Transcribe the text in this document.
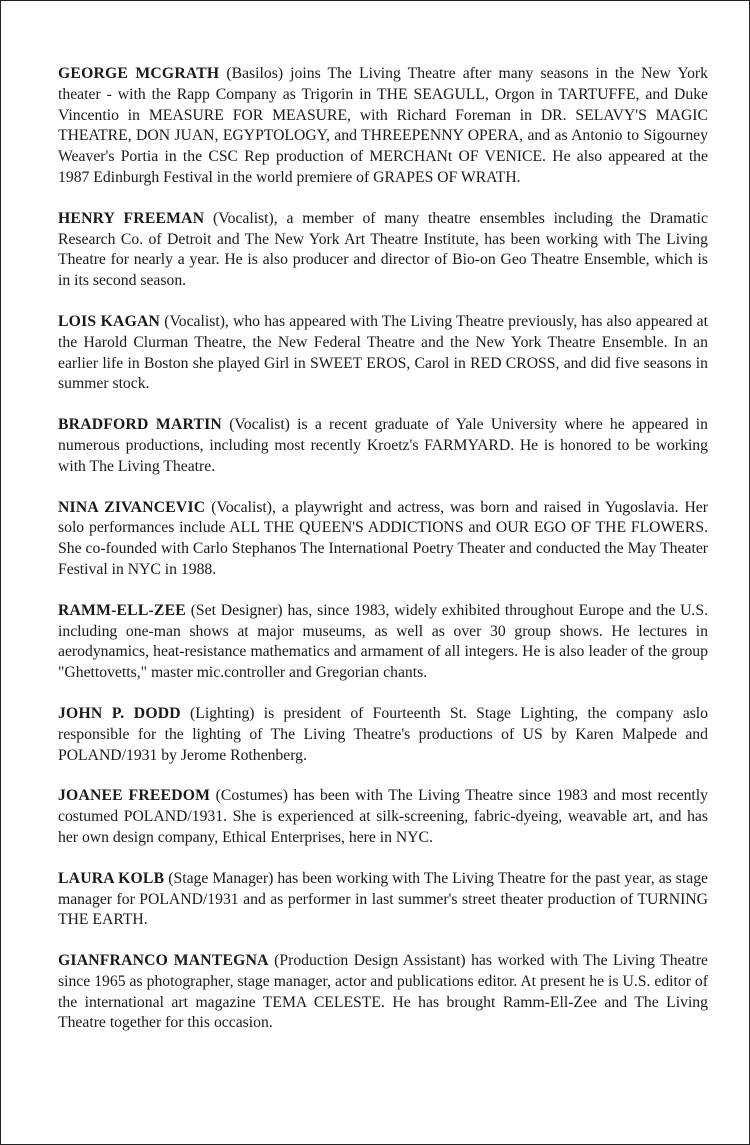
GEORGE MCGRATH (Basilos) joins The Living Theatre after many seasons in the New York theater - with the Rapp Company as Trigorin in THE SEAGULL, Orgon in TARTUFFE, and Duke Vincentio in MEASURE FOR MEASURE, with Richard Foreman in DR. SELAVY'S MAGIC THEATRE, DON JUAN, EGYPTOLOGY, and THREEPENNY OPERA, and as Antonio to Sigourney Weaver's Portia in the CSC Rep production of MERCHANt OF VENICE. He also appeared at the 1987 Edinburgh Festival in the world premiere of GRAPES OF WRATH.

HENRY FREEMAN (Vocalist), a member of many theatre ensembles including the Dramatic Research Co. of Detroit and The New York Art Theatre Institute, has been working with The Living Theatre for nearly a year. He is also producer and director of Bio-on Geo Theatre Ensemble, which is in its second season.

LOIS KAGAN (Vocalist), who has appeared with The Living Theatre previously, has also appeared at the Harold Clurman Theatre, the New Federal Theatre and the New York Theatre Ensemble. In an earlier life in Boston she played Girl in SWEET EROS, Carol in RED CROSS, and did five seasons in summer stock.

BRADFORD MARTIN (Vocalist) is a recent graduate of Yale University where he appeared in numerous productions, including most recently Kroetz's FARMYARD. He is honored to be working with The Living Theatre.

NINA ZIVANCEVIC (Vocalist), a playwright and actress, was born and raised in Yugoslavia. Her solo performances include ALL THE QUEEN'S ADDICTIONS and OUR EGO OF THE FLOWERS. She co-founded with Carlo Stephanos The International Poetry Theater and conducted the May Theater Festival in NYC in 1988.

RAMM-ELL-ZEE (Set Designer) has, since 1983, widely exhibited throughout Europe and the U.S. including one-man shows at major museums, as well as over 30 group shows. He lectures in aerodynamics, heat-resistance mathematics and armament of all integers. He is also leader of the group "Ghettovetts," master mic.controller and Gregorian chants.

JOHN P. DODD (Lighting) is president of Fourteenth St. Stage Lighting, the company aslo responsible for the lighting of The Living Theatre's productions of US by Karen Malpede and POLAND/1931 by Jerome Rothenberg.

JOANEE FREEDOM (Costumes) has been with The Living Theatre since 1983 and most recently costumed POLAND/1931. She is experienced at silk-screening, fabric-dyeing, weavable art, and has her own design company, Ethical Enterprises, here in NYC.

LAURA KOLB (Stage Manager) has been working with The Living Theatre for the past year, as stage manager for POLAND/1931 and as performer in last summer's street theater production of TURNING THE EARTH.

GIANFRANCO MANTEGNA (Production Design Assistant) has worked with The Living Theatre since 1965 as photographer, stage manager, actor and publications editor. At present he is U.S. editor of the international art magazine TEMA CELESTE. He has brought Ramm-Ell-Zee and The Living Theatre together for this occasion.
